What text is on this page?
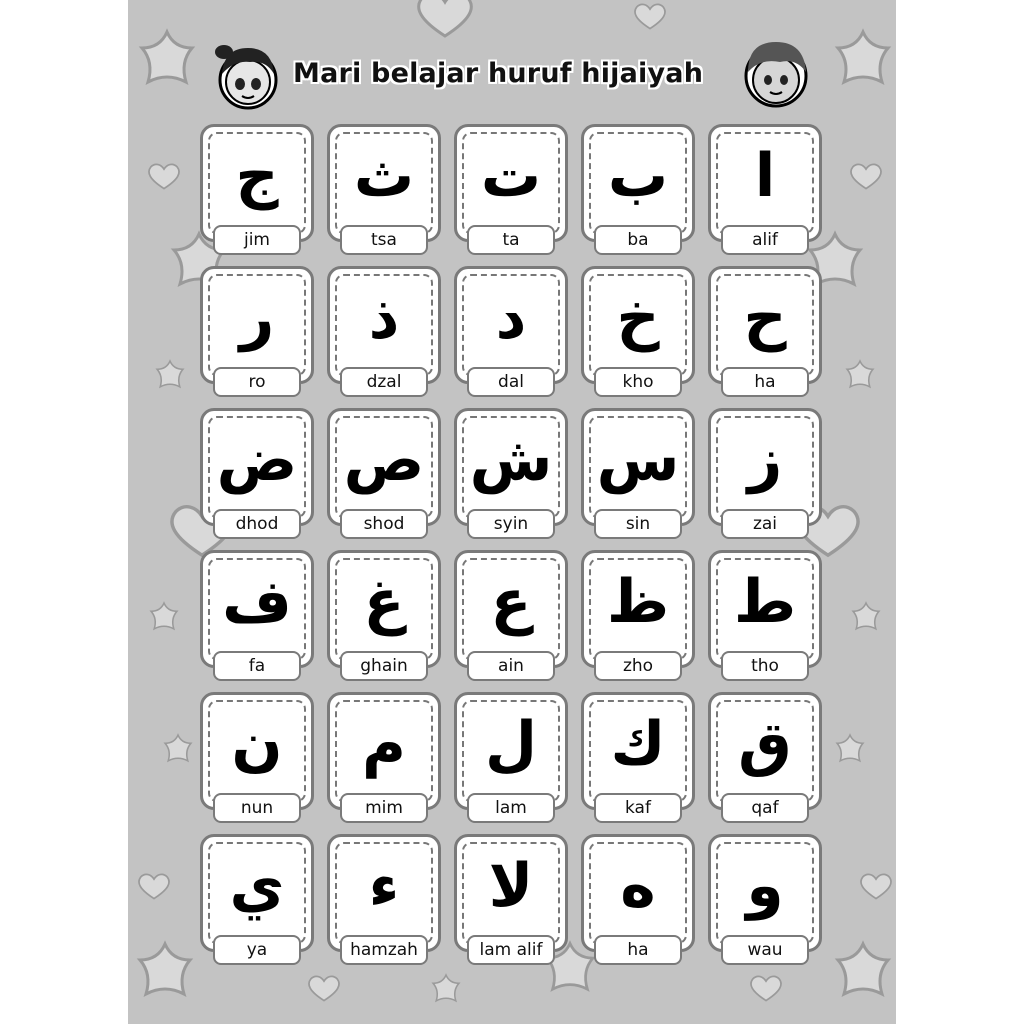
Mari belajar huruf hijaiyah
ج
jim
ث
tsa
ت
ta
ب
ba
ا
alif
ر
ro
ذ
dzal
د
dal
خ
kho
ح
ha
ض
dhod
ص
shod
ش
syin
س
sin
ز
zai
ف
fa
غ
ghain
ع
ain
ظ
zho
ط
tho
ن
nun
م
mim
ل
lam
ك
kaf
ق
qaf
ي
ya
ء
hamzah
لا
lam alif
ه
ha
و
wau
